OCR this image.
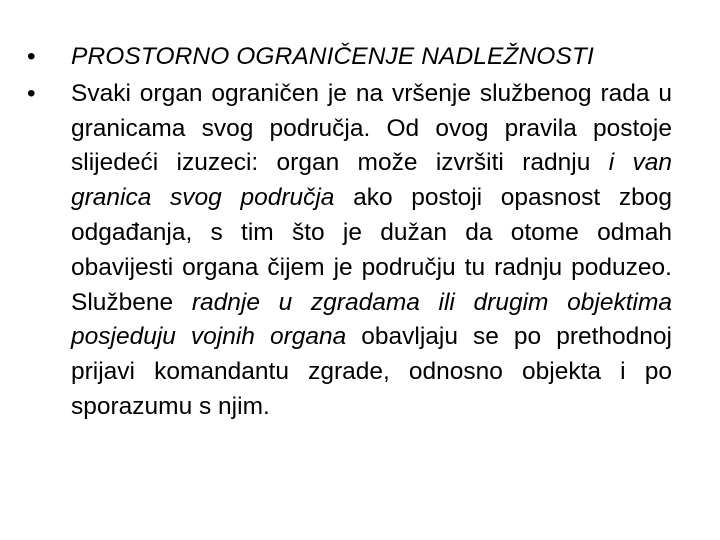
•	PROSTORNO OGRANIČENJE NADLEŽNOSTI
•	Svaki organ ograničen je na vršenje službenog rada u granicama svog područja. Od ovog pravila postoje slijedeći izuzeci: organ može izvršiti radnju i van granica svog područja ako postoji opasnost zbog odgađanja, s tim što je dužan da otome odmah obavijesti organa čijem je području tu radnju poduzeo. Službene radnje u zgradama ili drugim objektima posjeduju vojnih organa obavljaju se po prethodnoj prijavi komandantu zgrade, odnosno objekta i po sporazumu s njim.
